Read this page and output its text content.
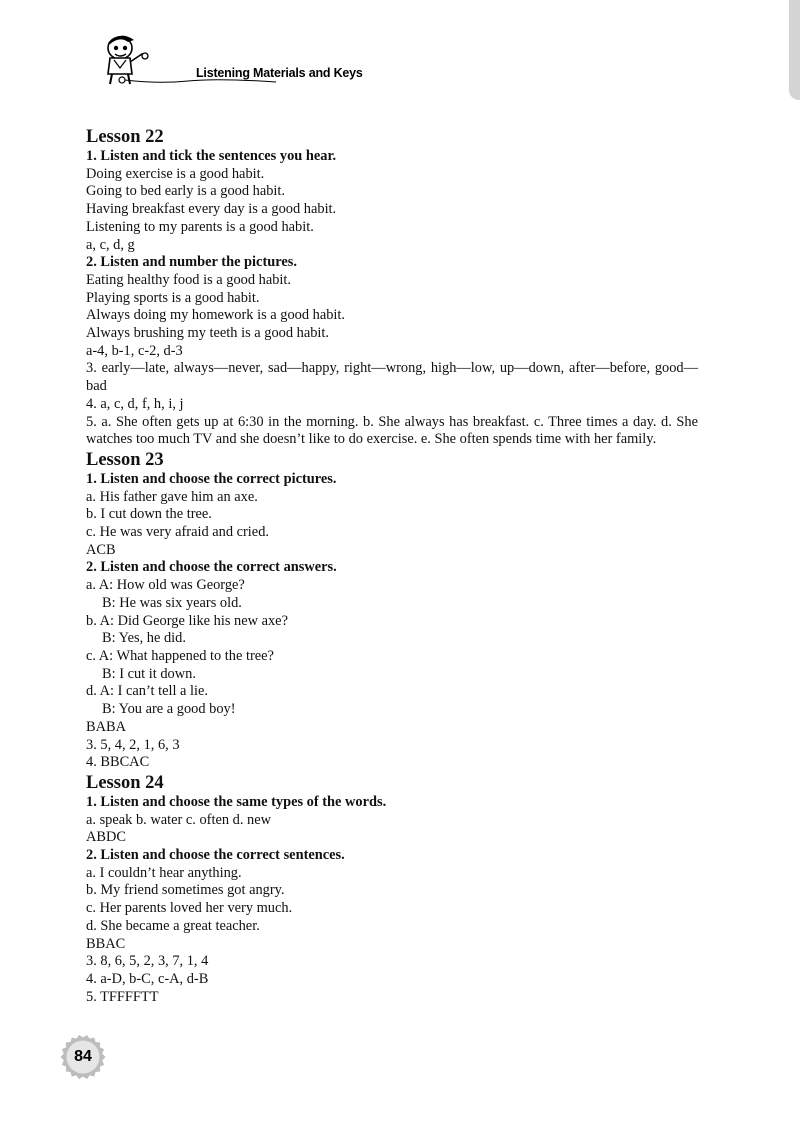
Listening Materials and Keys
Lesson 22
1. Listen and tick the sentences you hear.
Doing exercise is a good habit.
Going to bed early is a good habit.
Having breakfast every day is a good habit.
Listening to my parents is a good habit.
a, c, d, g
2. Listen and number the pictures.
Eating healthy food is a good habit.
Playing sports is a good habit.
Always doing my homework is a good habit.
Always brushing my teeth is a good habit.
a-4, b-1, c-2, d-3
3. early—late, always—never, sad—happy, right—wrong, high—low, up—down, after—before, good—bad
4. a, c, d, f, h, i, j
5. a. She often gets up at 6:30 in the morning. b. She always has breakfast. c. Three times a day. d. She watches too much TV and she doesn’t like to do exercise. e. She often spends time with her family.
Lesson 23
1. Listen and choose the correct pictures.
a. His father gave him an axe.
b. I cut down the tree.
c. He was very afraid and cried.
ACB
2. Listen and choose the correct answers.
a. A: How old was George?
B: He was six years old.
b. A: Did George like his new axe?
B: Yes, he did.
c. A: What happened to the tree?
B: I cut it down.
d. A: I can’t tell a lie.
B: You are a good boy!
BABA
3. 5, 4, 2, 1, 6, 3
4. BBCAC
Lesson 24
1. Listen and choose the same types of the words.
a. speak b. water c. often d. new
ABDC
2. Listen and choose the correct sentences.
a. I couldn’t hear anything.
b. My friend sometimes got angry.
c. Her parents loved her very much.
d. She became a great teacher.
BBAC
3. 8, 6, 5, 2, 3, 7, 1, 4
4. a-D, b-C, c-A, d-B
5. TFFFFTT
84
